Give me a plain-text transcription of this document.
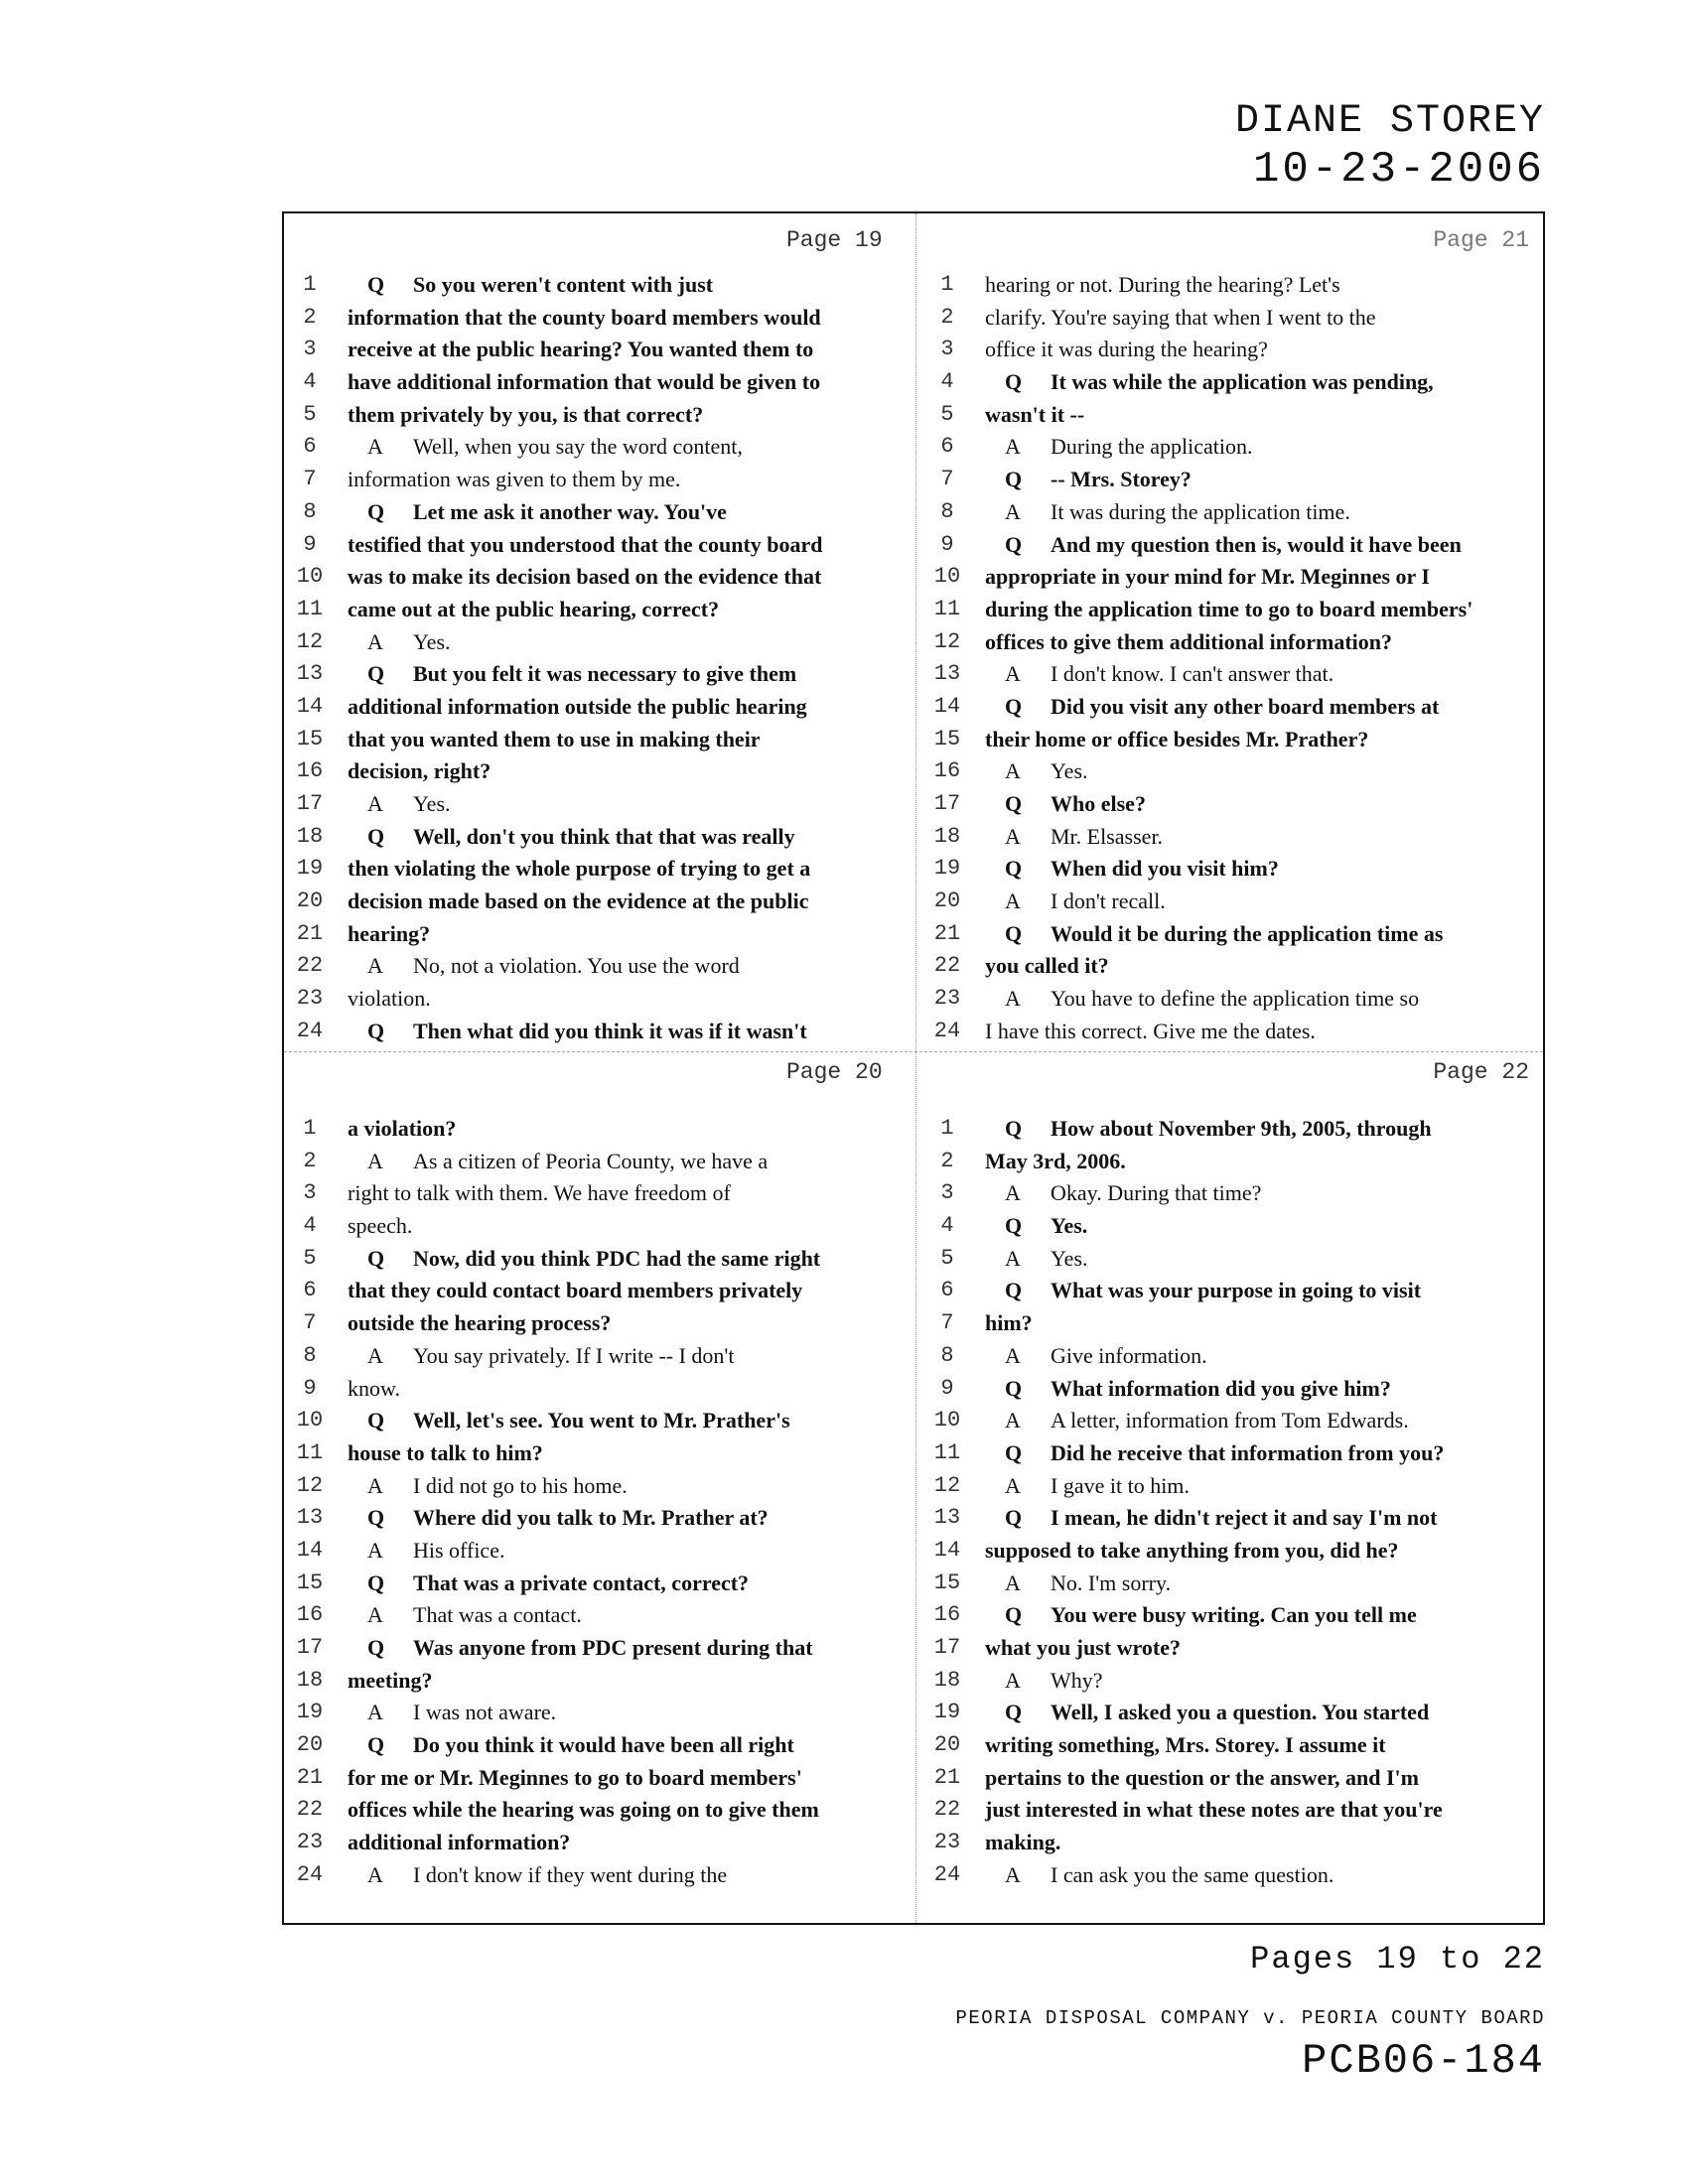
DIANE STOREY
10-23-2006
Page 19	Page 21
Page 20	Page 22
1	Q So you weren't content with just
2	information that the county board members would
3	receive at the public hearing? You wanted them to
4	have additional information that would be given to
5	them privately by you, is that correct?
6	A Well, when you say the word content,
7	information was given to them by me.
8	Q Let me ask it another way. You've
9	testified that you understood that the county board
10 was to make its decision based on the evidence that
11 came out at the public hearing, correct?
12	A Yes.
13	Q But you felt it was necessary to give them
14 additional information outside the public hearing
15 that you wanted them to use in making their
16 decision, right?
17	A Yes.
18	Q Well, don't you think that that was really
19 then violating the whole purpose of trying to get a
20 decision made based on the evidence at the public
21 hearing?
22	A No, not a violation. You use the word
23 violation.
24	Q Then what did you think it was if it wasn't
1	hearing or not. During the hearing? Let's
2	clarify. You're saying that when I went to the
3	office it was during the hearing?
4	Q It was while the application was pending,
5	wasn't it --
6	A During the application.
7	Q -- Mrs. Storey?
8	A It was during the application time.
9	Q And my question then is, would it have been
10 appropriate in your mind for Mr. Meginnes or I
11 during the application time to go to board members'
12 offices to give them additional information?
13	A I don't know. I can't answer that.
14	Q Did you visit any other board members at
15 their home or office besides Mr. Prather?
16	A Yes.
17	Q Who else?
18	A Mr. Elsasser.
19	Q When did you visit him?
20	A I don't recall.
21	Q Would it be during the application time as
22 you called it?
23	A You have to define the application time so
24 I have this correct. Give me the dates.
1	a violation?
2	A As a citizen of Peoria County, we have a
3	right to talk with them. We have freedom of
4	speech.
5	Q Now, did you think PDC had the same right
6	that they could contact board members privately
7	outside the hearing process?
8	A You say privately. If I write -- I don't
9	know.
10	Q Well, let's see. You went to Mr. Prather's
11 house to talk to him?
12	A I did not go to his home.
13	Q Where did you talk to Mr. Prather at?
14	A His office.
15	Q That was a private contact, correct?
16	A That was a contact.
17	Q Was anyone from PDC present during that
18 meeting?
19	A I was not aware.
20	Q Do you think it would have been all right
21 for me or Mr. Meginnes to go to board members'
22 offices while the hearing was going on to give them
23 additional information?
24	A I don't know if they went during the
1	Q How about November 9th, 2005, through
2	May 3rd, 2006.
3	A Okay. During that time?
4	Q Yes.
5	A Yes.
6	Q What was your purpose in going to visit
7	him?
8	A Give information.
9	Q What information did you give him?
10	A A letter, information from Tom Edwards.
11	Q Did he receive that information from you?
12	A I gave it to him.
13	Q I mean, he didn't reject it and say I'm not
14 supposed to take anything from you, did he?
15	A No. I'm sorry.
16	Q You were busy writing. Can you tell me
17 what you just wrote?
18	A Why?
19	Q Well, I asked you a question. You started
20 writing something, Mrs. Storey. I assume it
21 pertains to the question or the answer, and I'm
22 just interested in what these notes are that you're
23 making.
24	A I can ask you the same question.
Pages 19 to 22
PEORIA DISPOSAL COMPANY v. PEORIA COUNTY BOARD
PCB06-184
